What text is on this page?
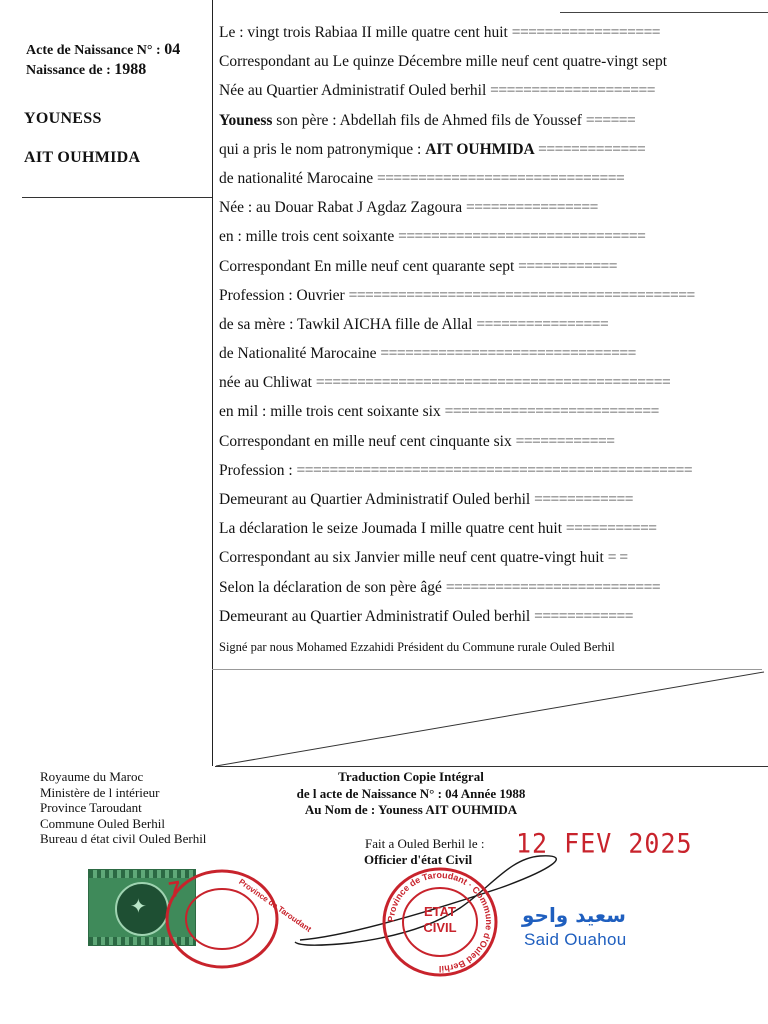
Acte de Naissance N° : 04
Naissance de : 1988
YOUNESS
AIT OUHMIDA
Le : vingt trois Rabiaa II mille quatre cent huit ==================
Correspondant au Le quinze Décembre mille neuf cent quatre-vingt sept
Née au Quartier Administratif Ouled berhil ====================
Youness son père : Abdellah fils de Ahmed fils de Youssef ======
qui a pris le nom patronymique : AIT OUHMIDA =============
de nationalité Marocaine ==============================
Née : au Douar Rabat J Agdaz Zagoura ================
en : mille trois cent soixante ==============================
Correspondant En mille neuf cent quarante sept ============
Profession : Ouvrier ==========================================
de sa mère : Tawkil AICHA fille de Allal ================
de Nationalité Marocaine ===============================
née au Chliwat ===========================================
en mil : mille trois cent soixante six ==========================
Correspondant en mille neuf cent cinquante six ============
Profession : ================================================
Demeurant au Quartier Administratif Ouled berhil ============
La déclaration le seize Joumada I mille quatre cent huit ===========
Correspondant au six Janvier mille neuf cent quatre-vingt huit = =
Selon la déclaration de son père âgé ==========================
Demeurant au Quartier Administratif Ouled berhil ============
Signé par nous Mohamed Ezzahidi Président du Commune rurale Ouled Berhil
Royaume du Maroc
Ministère de l intérieur
Province Taroudant
Commune Ouled Berhil
Bureau d état civil Ouled Berhil
Traduction Copie Intégral
de l acte de Naissance N° : 04 Année 1988
Au Nom de : Youness AIT OUHMIDA
Fait a Ouled Berhil le : 12 FEV 2025
Officier d'état Civil
✦
7	Province de Taroudant	Province de Taroudant · Commune d'Ouled Berhil
ETAT
CIVIL
سعيد واحو
Said Ouahou
